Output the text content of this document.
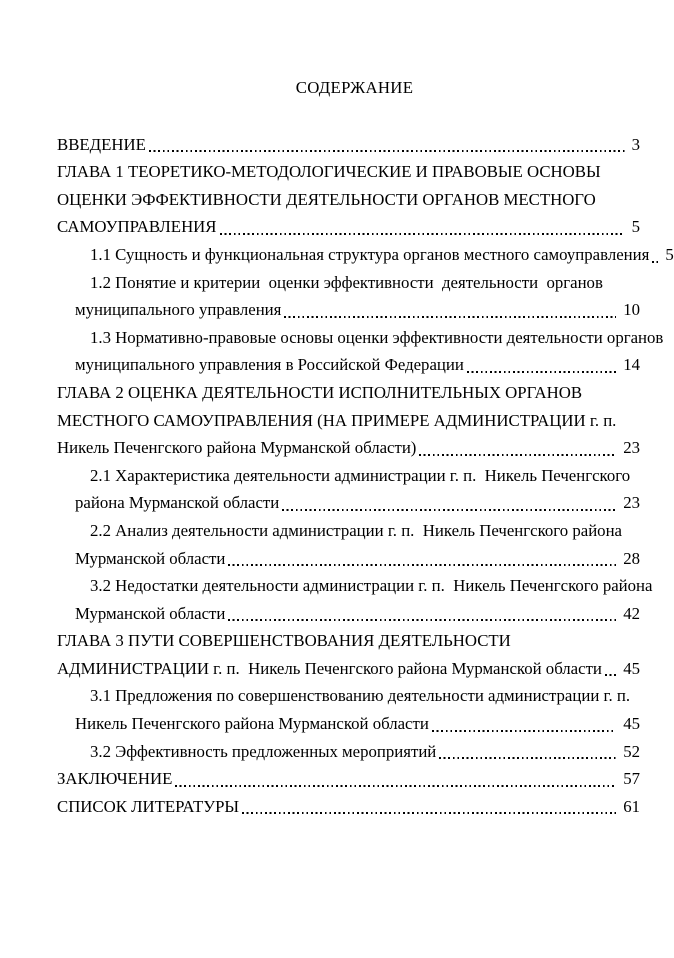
СОДЕРЖАНИЕ
ВВЕДЕНИЕ	3
ГЛАВА 1 ТЕОРЕТИКО-МЕТОДОЛОГИЧЕСКИЕ И ПРАВОВЫЕ ОСНОВЫ
ОЦЕНКИ ЭФФЕКТИВНОСТИ ДЕЯТЕЛЬНОСТИ ОРГАНОВ МЕСТНОГО
САМОУПРАВЛЕНИЯ	5
1.1 Сущность и функциональная структура органов местного самоуправления 5
1.2 Понятие и критерии  оценки эффективности  деятельности  органов
муниципального управления	10
1.3 Нормативно-правовые основы оценки эффективности деятельности органов
муниципального управления в Российской Федерации	14
ГЛАВА 2 ОЦЕНКА ДЕЯТЕЛЬНОСТИ ИСПОЛНИТЕЛЬНЫХ ОРГАНОВ
МЕСТНОГО САМОУПРАВЛЕНИЯ (НА ПРИМЕРЕ АДМИНИСТРАЦИИ г. п.
Никель Печенгского района Мурманской области)	23
2.1 Характеристика деятельности администрации г. п.  Никель Печенгского
района Мурманской области	23
2.2 Анализ деятельности администрации г. п.  Никель Печенгского района
Мурманской области	28
3.2 Недостатки деятельности администрации г. п.  Никель Печенгского района
Мурманской области	42
ГЛАВА 3 ПУТИ СОВЕРШЕНСТВОВАНИЯ ДЕЯТЕЛЬНОСТИ
АДМИНИСТРАЦИИ г. п.  Никель Печенгского района Мурманской области 45
3.1 Предложения по совершенствованию деятельности администрации г. п.
Никель Печенгского района Мурманской области	45
3.2 Эффективность предложенных мероприятий	52
ЗАКЛЮЧЕНИЕ	57
СПИСОК ЛИТЕРАТУРЫ	61
